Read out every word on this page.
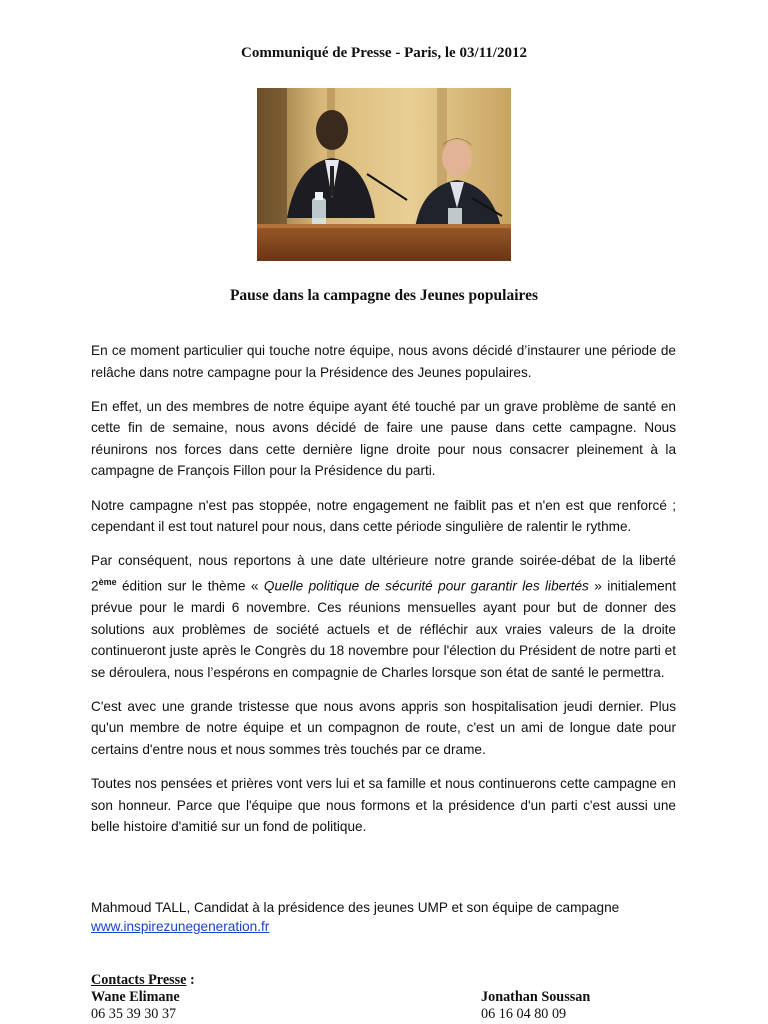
Communiqué de Presse - Paris, le 03/11/2012
Pause dans la campagne des Jeunes populaires

En ce moment particulier qui touche notre équipe, nous avons décidé d’instaurer une période de relâche dans notre campagne pour la Présidence des Jeunes populaires.

En effet, un des membres de notre équipe ayant été touché par un grave problème de santé en cette fin de semaine, nous avons décidé de faire une pause dans cette campagne. Nous réunirons nos forces dans cette dernière ligne droite pour nous consacrer pleinement à la campagne de François Fillon pour la Présidence du parti.

Notre campagne n'est pas stoppée, notre engagement ne faiblit pas et n'en est que renforcé ; cependant il est tout naturel pour nous, dans cette période singulière de ralentir le rythme.

Par conséquent, nous reportons à une date ultérieure notre grande soirée-débat de la liberté 2ème édition sur le thème « Quelle politique de sécurité pour garantir les libertés » initialement prévue pour le mardi 6 novembre. Ces réunions mensuelles ayant pour but de donner des solutions aux problèmes de société actuels et de réfléchir aux vraies valeurs de la droite continueront juste après le Congrès du 18 novembre pour l'élection du Président de notre parti et se déroulera, nous l’espérons en compagnie de Charles lorsque son état de santé le permettra.

C'est avec une grande tristesse que nous avons appris son hospitalisation jeudi dernier. Plus qu'un membre de notre équipe et un compagnon de route, c'est un ami de longue date pour certains d'entre nous et nous sommes très touchés par ce drame.

Toutes nos pensées et prières vont vers lui et sa famille et nous continuerons cette campagne en son honneur. Parce que l'équipe que nous formons et la présidence d'un parti c'est aussi une belle histoire d'amitié sur un fond de politique.

Mahmoud TALL, Candidat à la présidence des jeunes UMP et son équipe de campagne
www.inspirezunegeneration.fr
Contacts Presse :
Wane Elimane
06 35 39 30 37
Jonathan Soussan
06 16 04 80 09
